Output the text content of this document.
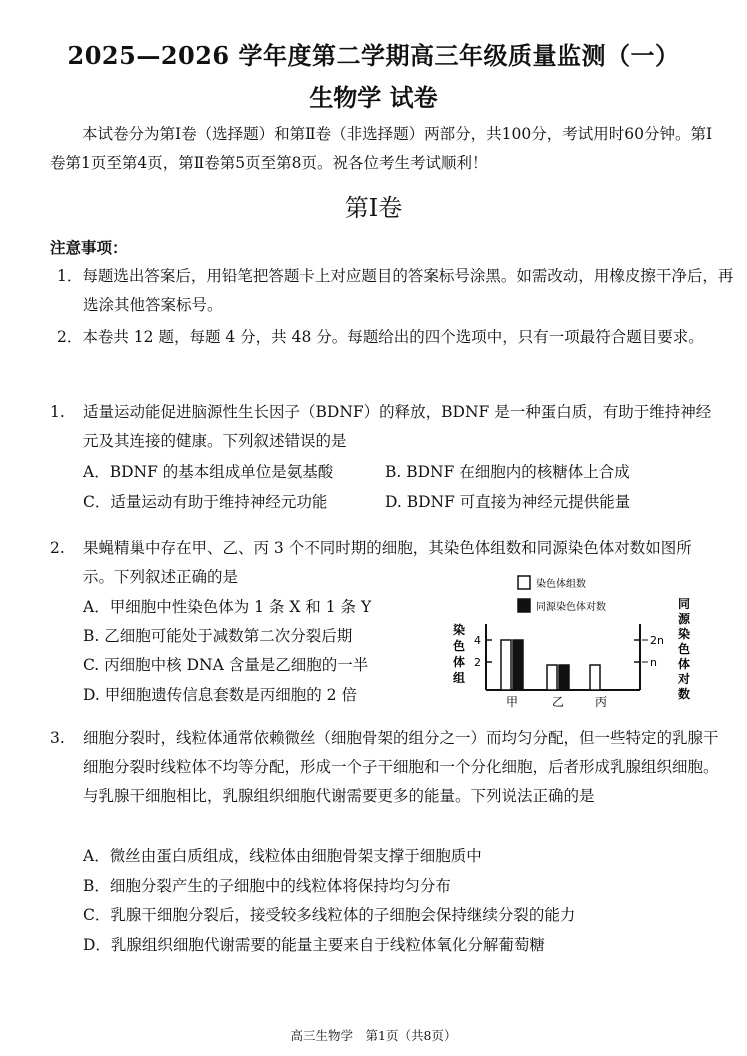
2025—2026 学年度第二学期高三年级质量监测（一）
生物学 试卷
本试卷分为第Ⅰ卷（选择题）和第Ⅱ卷（非选择题）两部分，共100分，考试用时60分钟。第Ⅰ卷第1页至第4页，第Ⅱ卷第5页至第8页。祝各位考生考试顺利！
第Ⅰ卷
注意事项：
1．每题选出答案后，用铅笔把答题卡上对应题目的答案标号涂黑。如需改动，用橡皮擦干净后，再选涂其他答案标号。
2．本卷共 12 题，每题 4 分，共 48 分。每题给出的四个选项中，只有一项最符合题目要求。
1. 适量运动能促进脑源性生长因子（BDNF）的释放，BDNF 是一种蛋白质，有助于维持神经元及其连接的健康。下列叙述错误的是
A．BDNF 的基本组成单位是氨基酸	B. BDNF 在细胞内的核糖体上合成
C．适量运动有助于维持神经元功能	D. BDNF 可直接为神经元提供能量
2. 果蝇精巢中存在甲、乙、丙 3 个不同时期的细胞，其染色体组数和同源染色体对数如图所示。下列叙述正确的是
A．甲细胞中性染色体为 1 条 X 和 1 条 Y
B. 乙细胞可能处于减数第二次分裂后期
C. 丙细胞中核 DNA 含量是乙细胞的一半
D. 甲细胞遗传信息套数是丙细胞的 2 倍
染色体组数
同源染色体对数
4
2
2n
n
染色体组
同源染色体对数
甲	乙	丙
3. 细胞分裂时，线粒体通常依赖微丝（细胞骨架的组分之一）而均匀分配，但一些特定的乳腺干细胞分裂时线粒体不均等分配，形成一个子干细胞和一个分化细胞，后者形成乳腺组织细胞。与乳腺干细胞相比，乳腺组织细胞代谢需要更多的能量。下列说法正确的是
A．微丝由蛋白质组成，线粒体由细胞骨架支撑于细胞质中
B．细胞分裂产生的子细胞中的线粒体将保持均匀分布
C．乳腺干细胞分裂后，接受较多线粒体的子细胞会保持继续分裂的能力
D．乳腺组织细胞代谢需要的能量主要来自于线粒体氧化分解葡萄糖
高三生物学　第1页（共8页）
